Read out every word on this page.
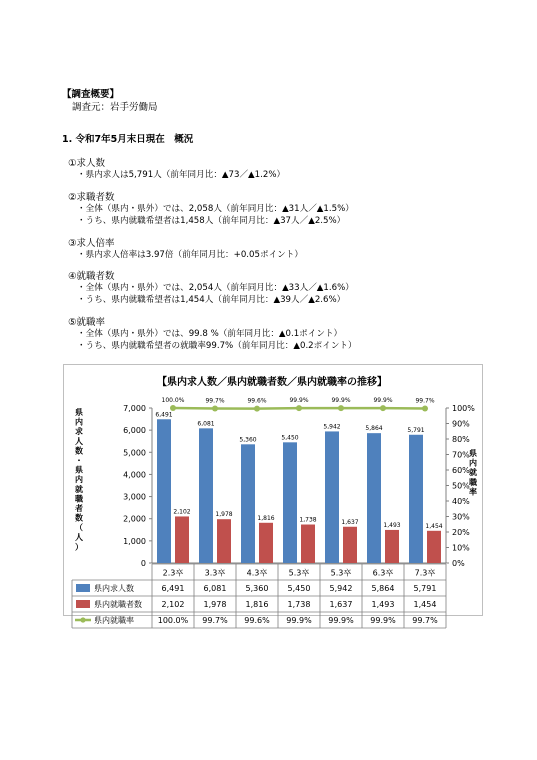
【調査概要】
調査元：岩手労働局
1. 令和7年5月末日現在　概況
①求人数
・県内求人は5,791人（前年同月比：▲73／▲1.2%）
②求職者数
・全体（県内・県外）では、2,058人（前年同月比：▲31人／▲1.5%）
・うち、県内就職希望者は1,458人（前年同月比：▲37人／▲2.5%）
③求人倍率
・県内求人倍率は3.97倍（前年同月比：+0.05ポイント）
④就職者数
・全体（県内・県外）では、2,054人（前年同月比：▲33人／▲1.6%）
・うち、県内就職希望者は1,454人（前年同月比：▲39人／▲2.6%）
⑤就職率
・全体（県内・県外）では、99.8 %（前年同月比：▲0.1ポイント）
・うち、県内就職希望者の就職率99.7%（前年同月比：▲0.2ポイント）
【県内求人数／県内就職者数／県内就職率の推移】
0
1,000
2,000
3,000
4,000
5,000
6,000
7,000
0%
10%
20%
30%
40%
50%
60%
70%
80%
90%
100%
県
内
求
人
数
・
県
内
就
職
者
数
（
人
）
県
内
就
職
率
6,491
2,102
6,081
1,978
5,360
1,816
5,450
1,738
5,942
1,637
5,864
1,493
5,791
1,454
100.0%	99.7%	99.6%	99.9%	99.9%	99.9%	99.7%
2.3卒	3.3卒	4.3卒	5.3卒	5.3卒	6.3卒	7.3卒
県内求人数	6,491 6,081 5,360 5,450 5,942 5,864 5,791
県内就職者数 2,102 1,978 1,816 1,738 1,637 1,493 1,454
県内就職率	100.0% 99.7% 99.6% 99.9% 99.9% 99.9% 99.7%
